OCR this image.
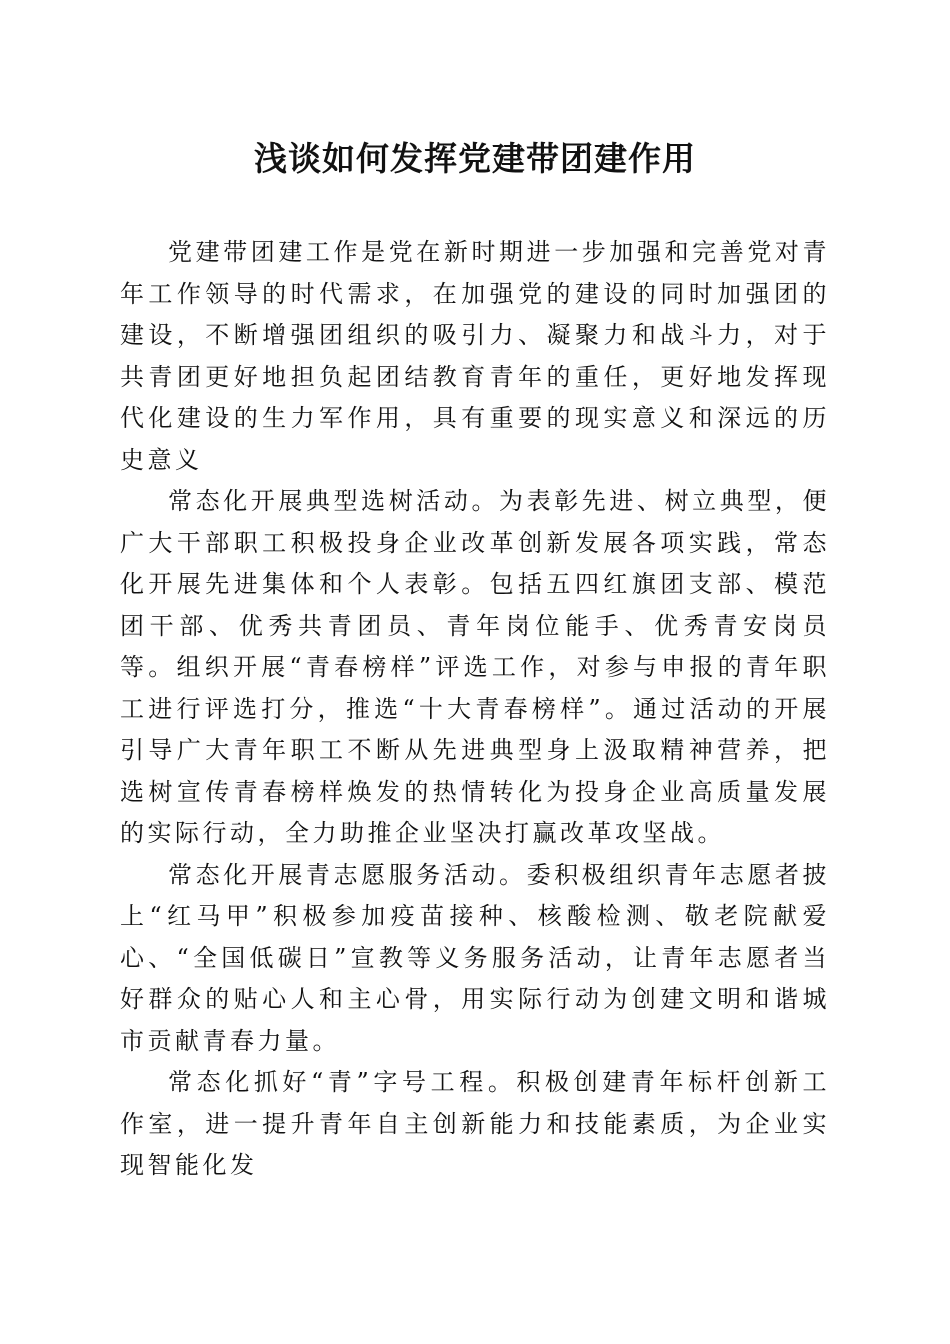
浅谈如何发挥党建带团建作用

党建带团建工作是党在新时期进一步加强和完善党对青年工作领导的时代需求，在加强党的建设的同时加强团的建设，不断增强团组织的吸引力、凝聚力和战斗力，对于共青团更好地担负起团结教育青年的重任，更好地发挥现代化建设的生力军作用，具有重要的现实意义和深远的历史意义

常态化开展典型选树活动。为表彰先进、树立典型，便广大干部职工积极投身企业改革创新发展各项实践，常态化开展先进集体和个人表彰。包括五四红旗团支部、模范团干部、优秀共青团员、青年岗位能手、优秀青安岗员等。组织开展“青春榜样”评选工作，对参与申报的青年职工进行评选打分，推选“十大青春榜样”。通过活动的开展引导广大青年职工不断从先进典型身上汲取精神营养，把选树宣传青春榜样焕发的热情转化为投身企业高质量发展的实际行动，全力助推企业坚决打赢改革攻坚战。

常态化开展青志愿服务活动。委积极组织青年志愿者披上“红马甲”积极参加疫苗接种、核酸检测、敬老院献爱心、“全国低碳日”宣教等义务服务活动，让青年志愿者当好群众的贴心人和主心骨，用实际行动为创建文明和谐城市贡献青春力量。

常态化抓好“青”字号工程。积极创建青年标杆创新工作室，进一提升青年自主创新能力和技能素质，为企业实现智能化发
